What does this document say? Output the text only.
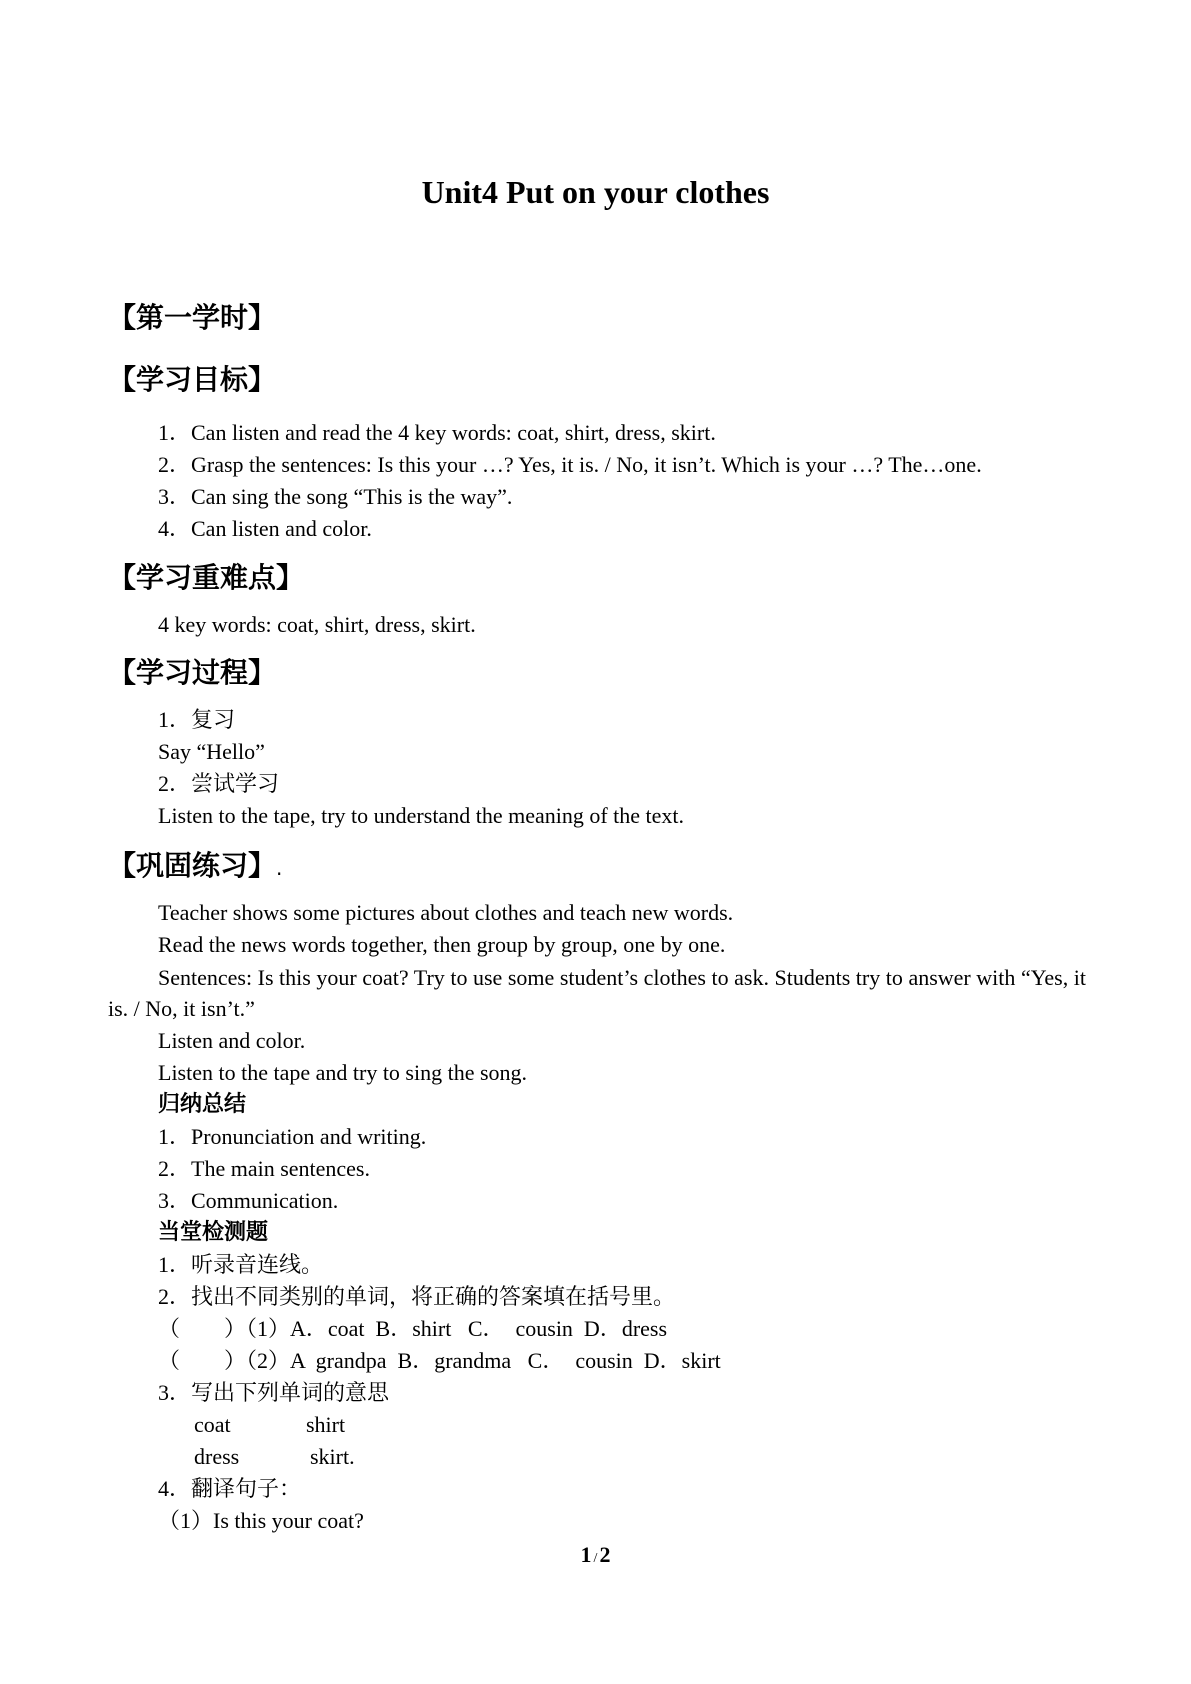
Unit4 Put on your clothes
【第一学时】
【学习目标】
1．Can listen and read the 4 key words: coat, shirt, dress, skirt.
2．Grasp the sentences: Is this your …? Yes, it is. / No, it isn’t. Which is your …? The…one.
3．Can sing the song “This is the way”.
4．Can listen and color.
【学习重难点】
4 key words: coat, shirt, dress, skirt.
【学习过程】
1．复习
Say “Hello”
2．尝试学习
Listen to the tape, try to understand the meaning of the text.
【巩固练习】.
Teacher shows some pictures about clothes and teach new words.
Read the news words together, then group by group, one by one.
Sentences: Is this your coat? Try to use some student’s clothes to ask. Students try to answer with “Yes, it is. / No, it isn’t.”
Listen and color.
Listen to the tape and try to sing the song.
归纳总结
1．Pronunciation and writing.
2．The main sentences.
3．Communication.
当堂检测题
1．听录音连线。
2．找出不同类别的单词，将正确的答案填在括号里。
（　　）（1）A．coat  B．shirt   C．  cousin  D．dress
（　　）（2）A  grandpa  B．grandma   C．  cousin  D．skirt
3．写出下列单词的意思
coat	shirt
dress	skirt.
4．翻译句子：
（1）Is this your coat?
1 /2
